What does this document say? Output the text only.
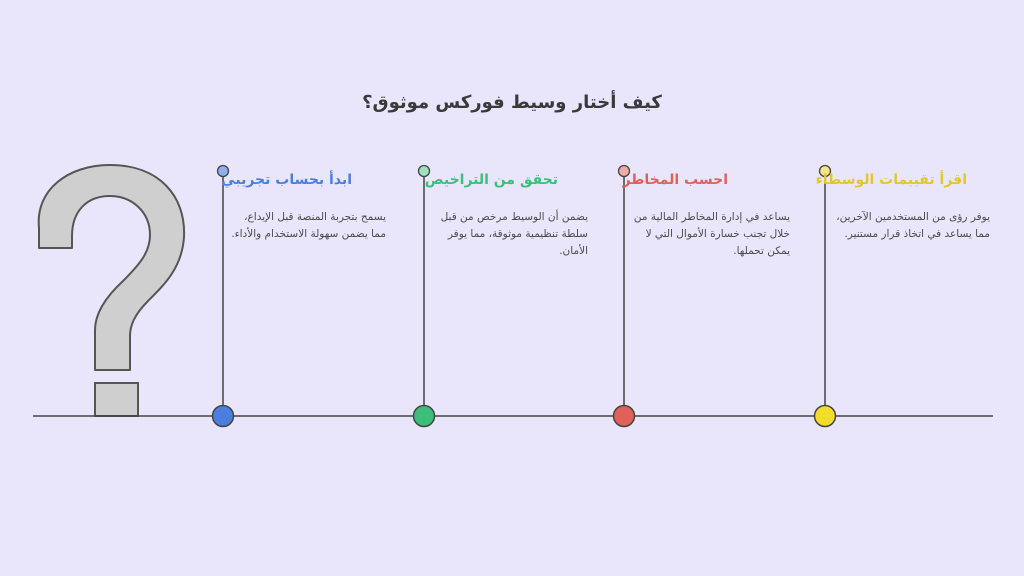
كيف أختار وسيط فوركس موثوق؟
ابدأ بحساب تجريبي
يسمح بتجربة المنصة قبل الإيداع، مما يضمن سهولة الاستخدام والأداء.
تحقق من التراخيص
يضمن أن الوسيط مرخص من قبل سلطة تنظيمية موثوقة، مما يوفر الأمان.
احسب المخاطر
يساعد في إدارة المخاطر المالية من خلال تجنب خسارة الأموال التي لا يمكن تحملها.
اقرأ تقييمات الوسطاء
يوفر رؤى من المستخدمين الآخرين، مما يساعد في اتخاذ قرار مستنير.
